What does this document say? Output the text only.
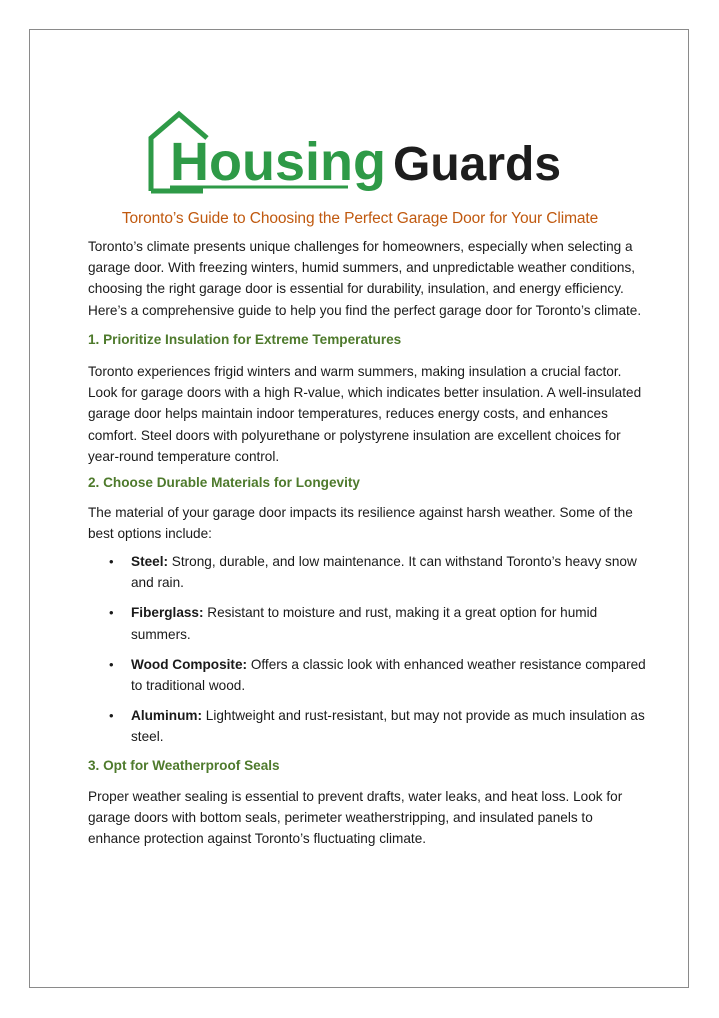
Housing Guards
Toronto’s Guide to Choosing the Perfect Garage Door for Your Climate
Toronto’s climate presents unique challenges for homeowners, especially when selecting a garage door. With freezing winters, humid summers, and unpredictable weather conditions, choosing the right garage door is essential for durability, insulation, and energy efficiency. Here’s a comprehensive guide to help you find the perfect garage door for Toronto’s climate.
1. Prioritize Insulation for Extreme Temperatures
Toronto experiences frigid winters and warm summers, making insulation a crucial factor. Look for garage doors with a high R-value, which indicates better insulation. A well-insulated garage door helps maintain indoor temperatures, reduces energy costs, and enhances comfort. Steel doors with polyurethane or polystyrene insulation are excellent choices for year-round temperature control.
2. Choose Durable Materials for Longevity
The material of your garage door impacts its resilience against harsh weather. Some of the best options include:
• Steel: Strong, durable, and low maintenance. It can withstand Toronto’s heavy snow and rain.
• Fiberglass: Resistant to moisture and rust, making it a great option for humid summers.
• Wood Composite: Offers a classic look with enhanced weather resistance compared to traditional wood.
• Aluminum: Lightweight and rust-resistant, but may not provide as much insulation as steel.
3. Opt for Weatherproof Seals
Proper weather sealing is essential to prevent drafts, water leaks, and heat loss. Look for garage doors with bottom seals, perimeter weatherstripping, and insulated panels to enhance protection against Toronto’s fluctuating climate.
